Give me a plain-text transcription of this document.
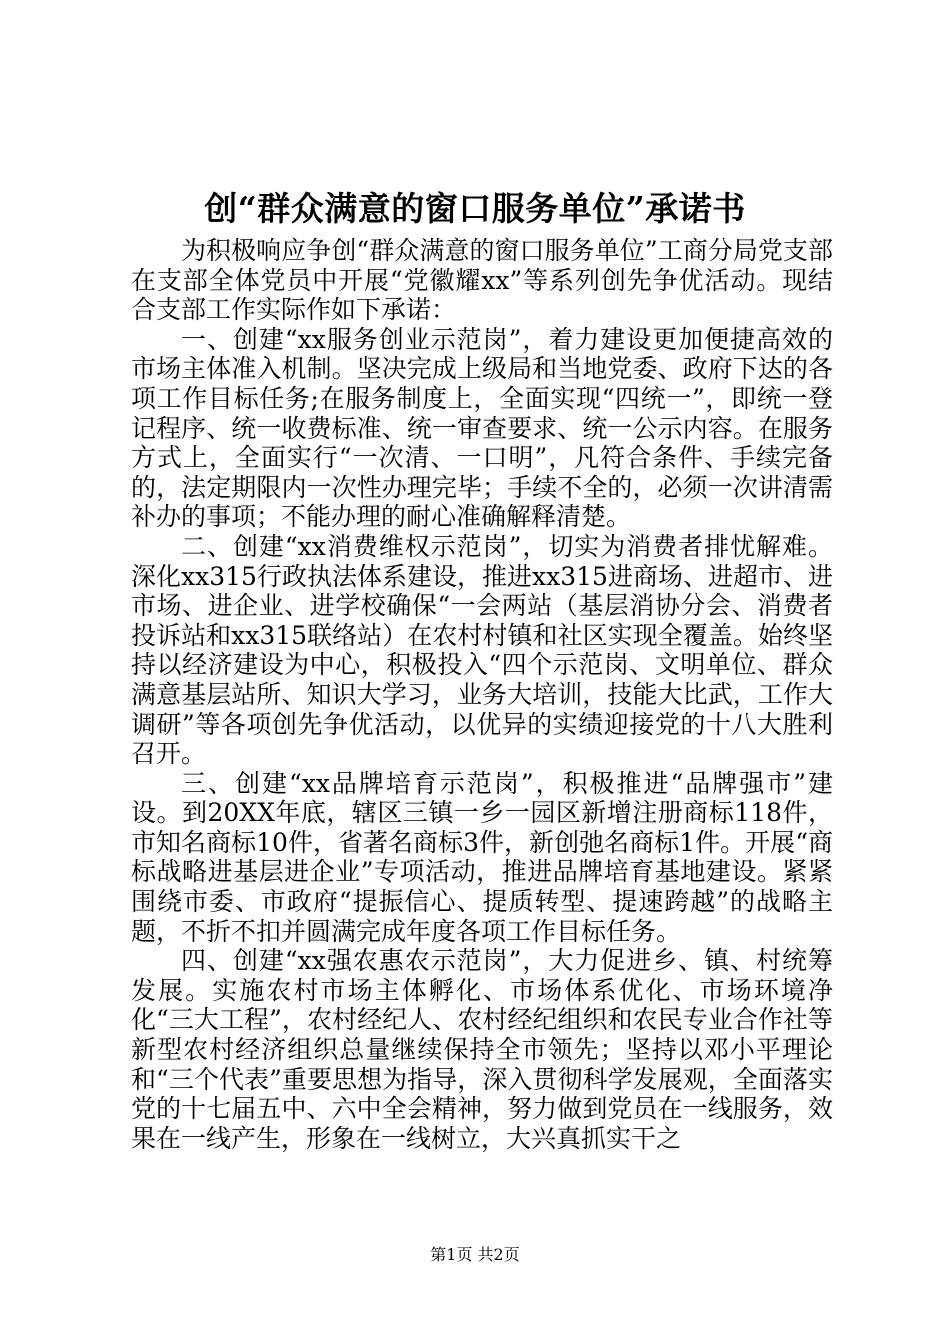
创“群众满意的窗口服务单位”承诺书

为积极响应争创“群众满意的窗口服务单位”工商分局党支部在支部全体党员中开展“党徽耀xx”等系列创先争优活动。现结合支部工作实际作如下承诺：

一、创建“xx服务创业示范岗”，着力建设更加便捷高效的市场主体准入机制。坚决完成上级局和当地党委、政府下达的各项工作目标任务;在服务制度上，全面实现“四统一”，即统一登记程序、统一收费标准、统一审查要求、统一公示内容。在服务方式上，全面实行“一次清、一口明”，凡符合条件、手续完备的，法定期限内一次性办理完毕；手续不全的，必须一次讲清需补办的事项；不能办理的耐心准确解释清楚。

二、创建“xx消费维权示范岗”，切实为消费者排忧解难。深化xx315行政执法体系建设，推进xx315进商场、进超市、进市场、进企业、进学校确保“一会两站（基层消协分会、消费者投诉站和xx315联络站）在农村村镇和社区实现全覆盖。始终坚持以经济建设为中心，积极投入“四个示范岗、文明单位、群众满意基层站所、知识大学习，业务大培训，技能大比武，工作大调研”等各项创先争优活动，以优异的实绩迎接党的十八大胜利召开。

三、创建“xx品牌培育示范岗”，积极推进“品牌强市”建设。到20XX年底，辖区三镇一乡一园区新增注册商标118件，市知名商标10件，省著名商标3件，新创弛名商标1件。开展“商标战略进基层进企业”专项活动，推进品牌培育基地建设。紧紧围绕市委、市政府“提振信心、提质转型、提速跨越”的战略主题，不折不扣并圆满完成年度各项工作目标任务。

四、创建“xx强农惠农示范岗”，大力促进乡、镇、村统筹发展。实施农村市场主体孵化、市场体系优化、市场环境净化“三大工程”，农村经纪人、农村经纪组织和农民专业合作社等新型农村经济组织总量继续保持全市领先；坚持以邓小平理论和“三个代表”重要思想为指导，深入贯彻科学发展观，全面落实党的十七届五中、六中全会精神，努力做到党员在一线服务，效果在一线产生，形象在一线树立，大兴真抓实干之

第1页 共2页
